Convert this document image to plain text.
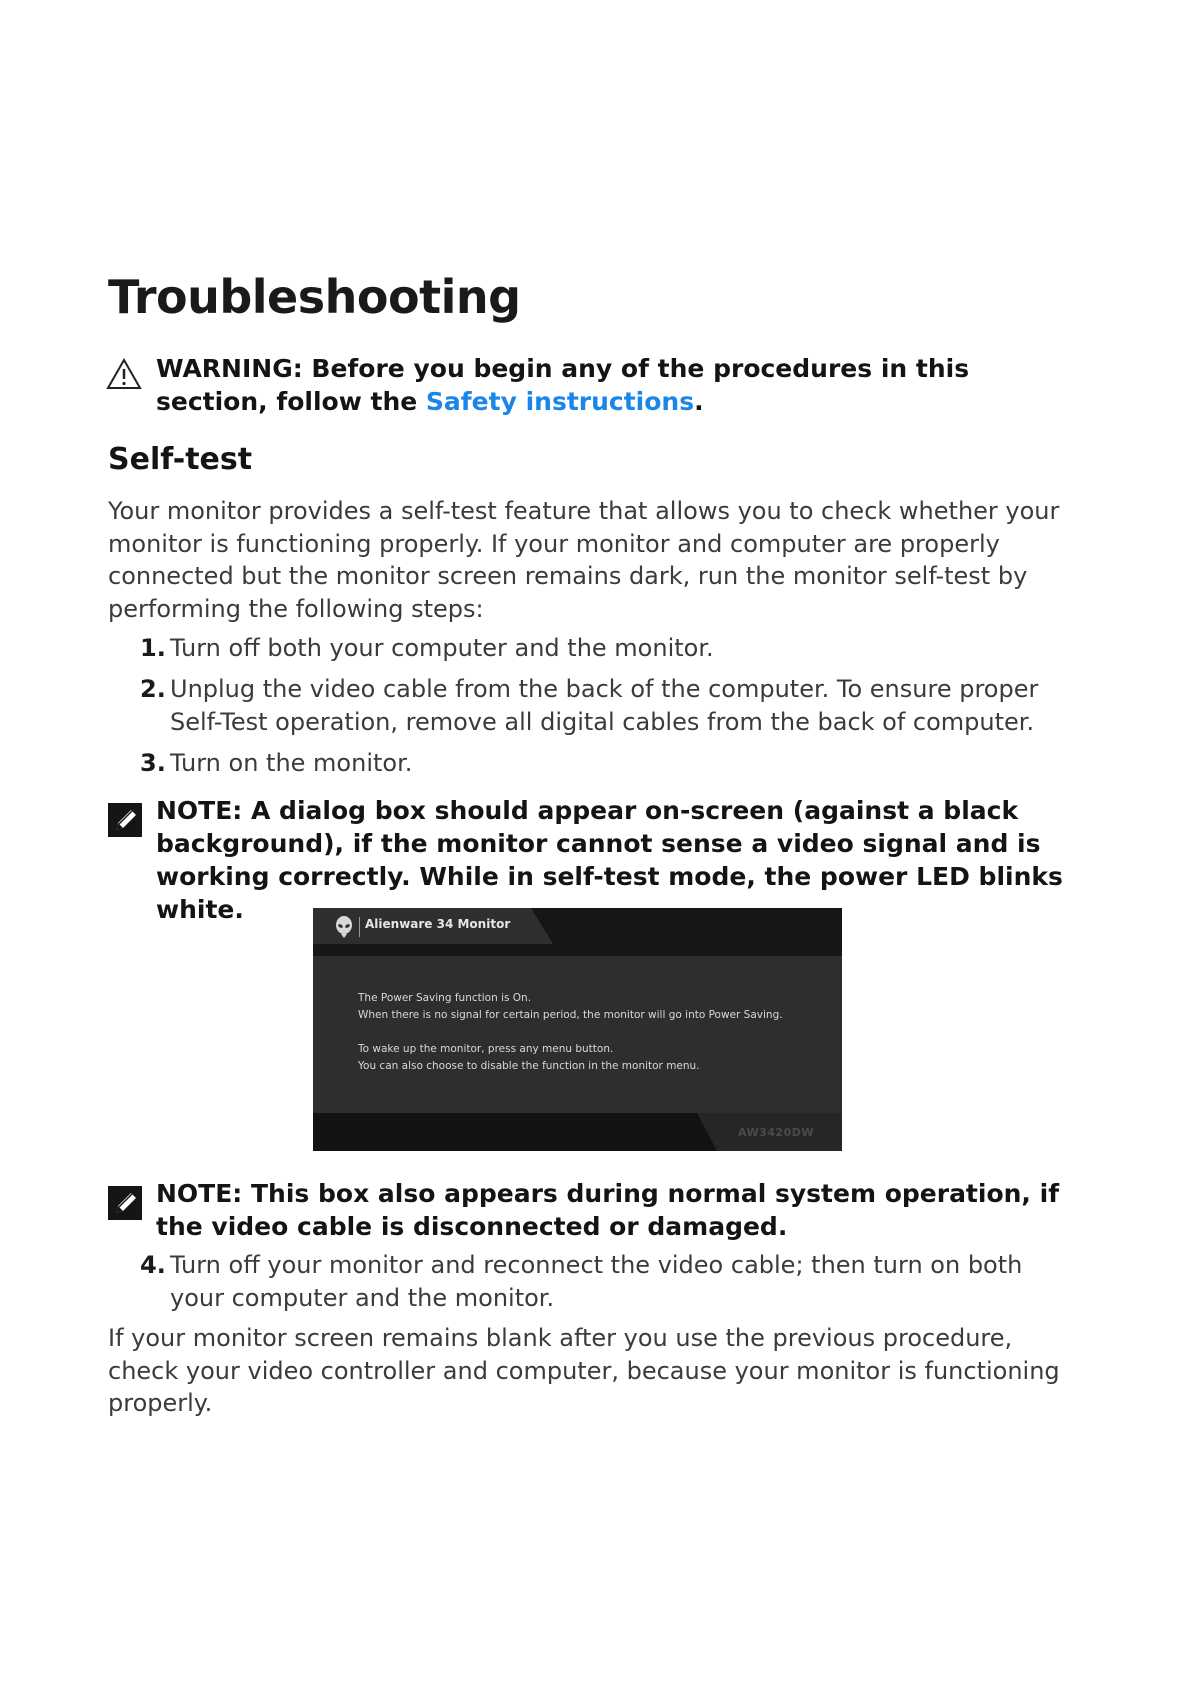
Troubleshooting
WARNING: Before you begin any of the procedures in this section, follow the Safety instructions.
Self-test
Your monitor provides a self-test feature that allows you to check whether your monitor is functioning properly. If your monitor and computer are properly connected but the monitor screen remains dark, run the monitor self-test by performing the following steps:
1. Turn off both your computer and the monitor.
2. Unplug the video cable from the back of the computer. To ensure proper Self-Test operation, remove all digital cables from the back of computer.
3. Turn on the monitor.
NOTE: A dialog box should appear on-screen (against a black background), if the monitor cannot sense a video signal and is working correctly. While in self-test mode, the power LED blinks white.	Alienware 34 Monitor
The Power Saving function is On.
When there is no signal for certain period, the monitor will go into Power Saving.
To wake up the monitor, press any menu button.
You can also choose to disable the function in the monitor menu.
AW3420DW
NOTE: This box also appears during normal system operation, if the video cable is disconnected or damaged.
4. Turn off your monitor and reconnect the video cable; then turn on both your computer and the monitor.
If your monitor screen remains blank after you use the previous procedure, check your video controller and computer, because your monitor is functioning properly.
